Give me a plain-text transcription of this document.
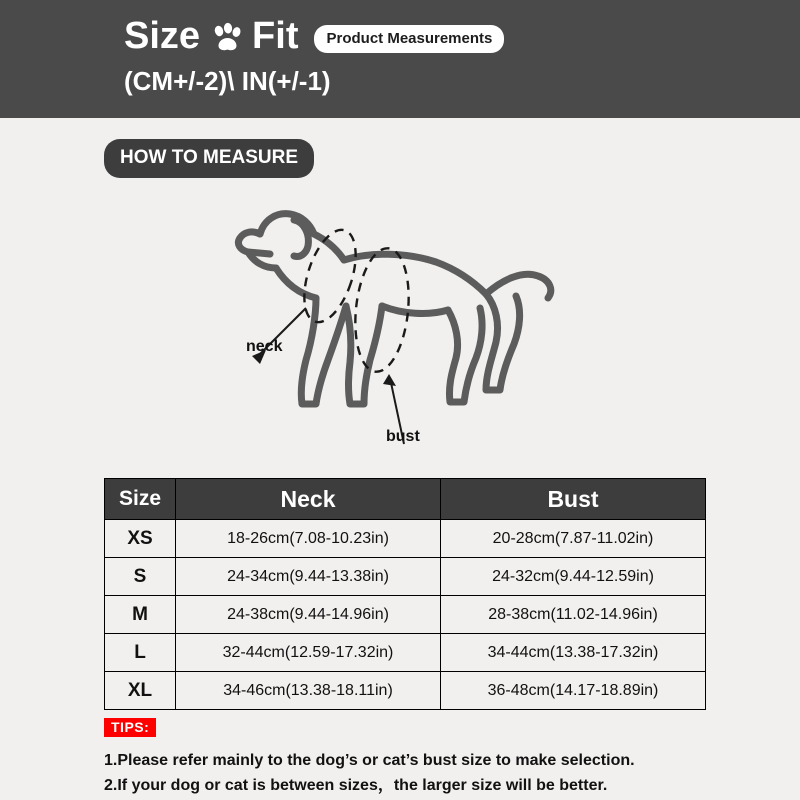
Size Fit	Product Measurements
(CM+/-2)\ IN(+/-1)
HOW TO MEASURE
neck
bust
Size	Neck	Bust
XS	18-26cm(7.08-10.23in)	20-28cm(7.87-11.02in)
S	24-34cm(9.44-13.38in)	24-32cm(9.44-12.59in)
M	24-38cm(9.44-14.96in)	28-38cm(11.02-14.96in)
L	32-44cm(12.59-17.32in)	34-44cm(13.38-17.32in)
XL	34-46cm(13.38-18.11in)	36-48cm(14.17-18.89in)
TIPS:
1.Please refer mainly to the dog’s or cat’s bust size to make selection.
2.If your dog or cat is between sizes，the larger size will be better.
